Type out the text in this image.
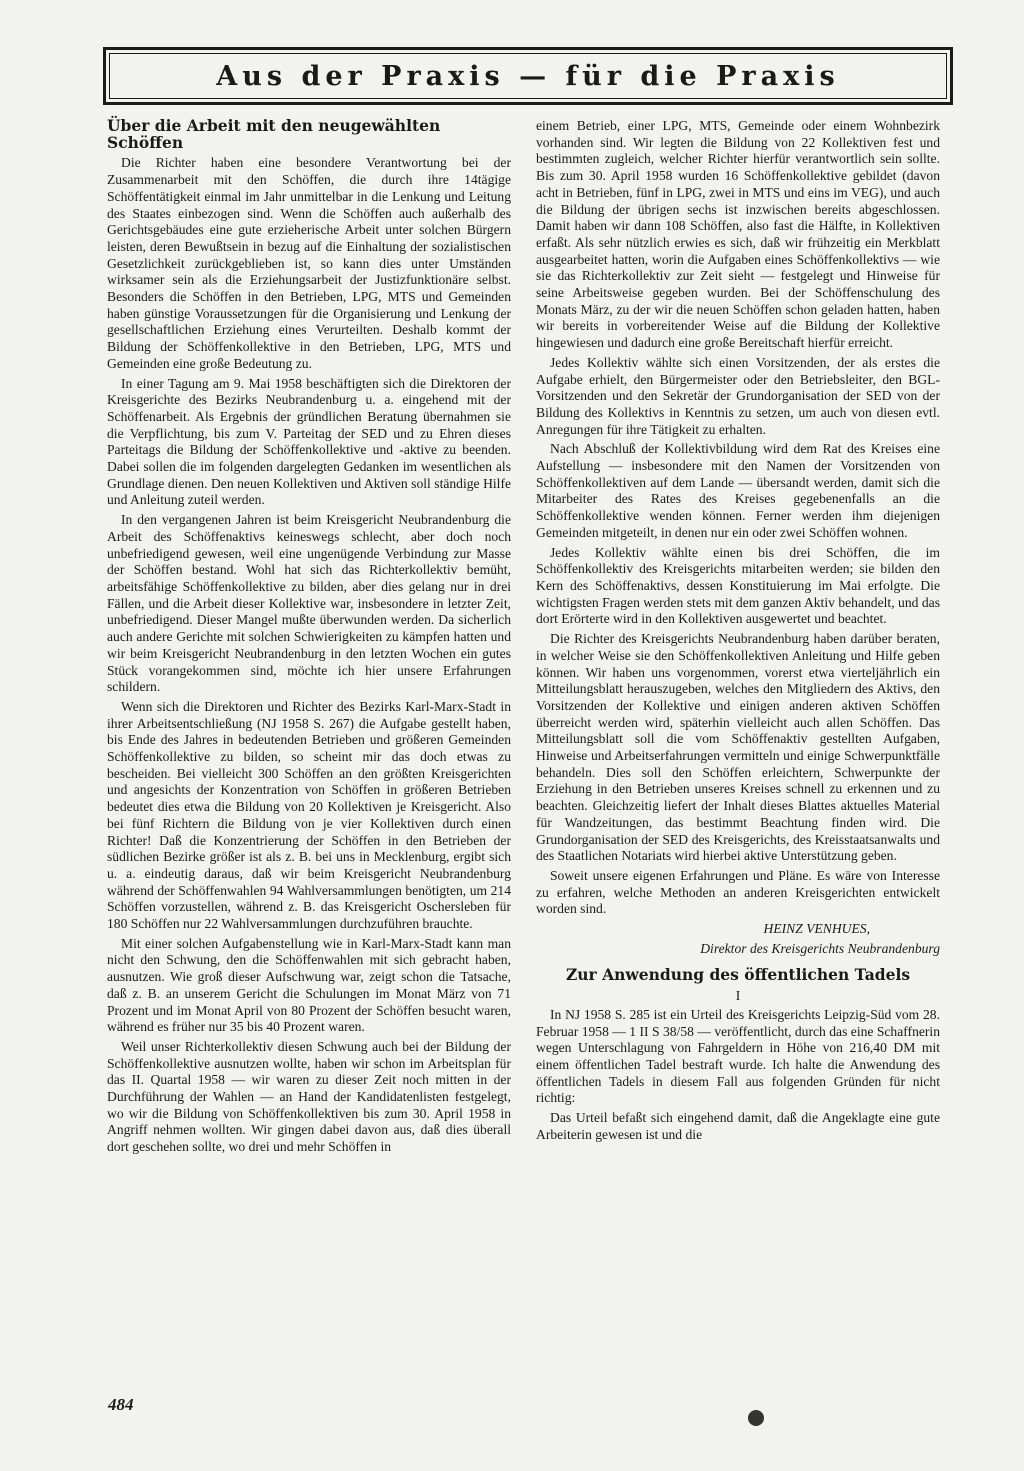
Aus der Praxis — für die Praxis
Über die Arbeit mit den neugewählten Schöffen

Die Richter haben eine besondere Verantwortung bei der Zusammenarbeit mit den Schöffen, die durch ihre 14tägige Schöffentätigkeit einmal im Jahr unmittelbar in die Lenkung und Leitung des Staates einbezogen sind. Wenn die Schöffen auch außerhalb des Gerichtsgebäudes eine gute erzieherische Arbeit unter solchen Bürgern leisten, deren Bewußtsein in bezug auf die Einhaltung der sozialistischen Gesetzlichkeit zurückgeblieben ist, so kann dies unter Umständen wirksamer sein als die Erziehungsarbeit der Justizfunktionäre selbst. Besonders die Schöffen in den Betrieben, LPG, MTS und Gemeinden haben günstige Voraussetzungen für die Organisierung und Lenkung der gesellschaftlichen Erziehung eines Verurteilten. Deshalb kommt der Bildung der Schöffenkollektive in den Betrieben, LPG, MTS und Gemeinden eine große Bedeutung zu.

In einer Tagung am 9. Mai 1958 beschäftigten sich die Direktoren der Kreisgerichte des Bezirks Neubrandenburg u. a. eingehend mit der Schöffenarbeit. Als Ergebnis der gründlichen Beratung übernahmen sie die Verpflichtung, bis zum V. Parteitag der SED und zu Ehren dieses Parteitags die Bildung der Schöffenkollektive und -aktive zu beenden. Dabei sollen die im folgenden dargelegten Gedanken im wesentlichen als Grundlage dienen. Den neuen Kollektiven und Aktiven soll ständige Hilfe und Anleitung zuteil werden.

In den vergangenen Jahren ist beim Kreisgericht Neubrandenburg die Arbeit des Schöffenaktivs keineswegs schlecht, aber doch noch unbefriedigend gewesen, weil eine ungenügende Verbindung zur Masse der Schöffen bestand. Wohl hat sich das Richterkollektiv bemüht, arbeitsfähige Schöffenkollektive zu bilden, aber dies gelang nur in drei Fällen, und die Arbeit dieser Kollektive war, insbesondere in letzter Zeit, unbefriedigend. Dieser Mangel mußte überwunden werden. Da sicherlich auch andere Gerichte mit solchen Schwierigkeiten zu kämpfen hatten und wir beim Kreisgericht Neubrandenburg in den letzten Wochen ein gutes Stück vorangekommen sind, möchte ich hier unsere Erfahrungen schildern.

Wenn sich die Direktoren und Richter des Bezirks Karl-Marx-Stadt in ihrer Arbeitsentschließung (NJ 1958 S. 267) die Aufgabe gestellt haben, bis Ende des Jahres in bedeutenden Betrieben und größeren Gemeinden Schöffenkollektive zu bilden, so scheint mir das doch etwas zu bescheiden. Bei vielleicht 300 Schöffen an den größten Kreisgerichten und angesichts der Konzentration von Schöffen in größeren Betrieben bedeutet dies etwa die Bildung von 20 Kollektiven je Kreisgericht. Also bei fünf Richtern die Bildung von je vier Kollektiven durch einen Richter! Daß die Konzentrierung der Schöffen in den Betrieben der südlichen Bezirke größer ist als z. B. bei uns in Mecklenburg, ergibt sich u. a. eindeutig daraus, daß wir beim Kreisgericht Neubrandenburg während der Schöffenwahlen 94 Wahlversammlungen benötigten, um 214 Schöffen vorzustellen, während z. B. das Kreisgericht Oschersleben für 180 Schöffen nur 22 Wahlversammlungen durchzuführen brauchte.

Mit einer solchen Aufgabenstellung wie in Karl-Marx-Stadt kann man nicht den Schwung, den die Schöffenwahlen mit sich gebracht haben, ausnutzen. Wie groß dieser Aufschwung war, zeigt schon die Tatsache, daß z. B. an unserem Gericht die Schulungen im Monat März von 71 Prozent und im Monat April von 80 Prozent der Schöffen besucht waren, während es früher nur 35 bis 40 Prozent waren.

Weil unser Richterkollektiv diesen Schwung auch bei der Bildung der Schöffenkollektive ausnutzen wollte, haben wir schon im Arbeitsplan für das II. Quartal 1958 — wir waren zu dieser Zeit noch mitten in der Durchführung der Wahlen — an Hand der Kandidatenlisten festgelegt, wo wir die Bildung von Schöffenkollektiven bis zum 30. April 1958 in Angriff nehmen wollten. Wir gingen dabei davon aus, daß dies überall dort geschehen sollte, wo drei und mehr Schöffen in

einem Betrieb, einer LPG, MTS, Gemeinde oder einem Wohnbezirk vorhanden sind. Wir legten die Bildung von 22 Kollektiven fest und bestimmten zugleich, welcher Richter hierfür verantwortlich sein sollte. Bis zum 30. April 1958 wurden 16 Schöffenkollektive gebildet (davon acht in Betrieben, fünf in LPG, zwei in MTS und eins im VEG), und auch die Bildung der übrigen sechs ist inzwischen bereits abgeschlossen. Damit haben wir dann 108 Schöffen, also fast die Hälfte, in Kollektiven erfaßt. Als sehr nützlich erwies es sich, daß wir frühzeitig ein Merkblatt ausgearbeitet hatten, worin die Aufgaben eines Schöffenkollektivs — wie sie das Richterkollektiv zur Zeit sieht — festgelegt und Hinweise für seine Arbeitsweise gegeben wurden. Bei der Schöffenschulung des Monats März, zu der wir die neuen Schöffen schon geladen hatten, haben wir bereits in vorbereitender Weise auf die Bildung der Kollektive hingewiesen und dadurch eine große Bereitschaft hierfür erreicht.

Jedes Kollektiv wählte sich einen Vorsitzenden, der als erstes die Aufgabe erhielt, den Bürgermeister oder den Betriebsleiter, den BGL-Vorsitzenden und den Sekretär der Grundorganisation der SED von der Bildung des Kollektivs in Kenntnis zu setzen, um auch von diesen evtl. Anregungen für ihre Tätigkeit zu erhalten.

Nach Abschluß der Kollektivbildung wird dem Rat des Kreises eine Aufstellung — insbesondere mit den Namen der Vorsitzenden von Schöffenkollektiven auf dem Lande — übersandt werden, damit sich die Mitarbeiter des Rates des Kreises gegebenenfalls an die Schöffenkollektive wenden können. Ferner werden ihm diejenigen Gemeinden mitgeteilt, in denen nur ein oder zwei Schöffen wohnen.

Jedes Kollektiv wählte einen bis drei Schöffen, die im Schöffenkollektiv des Kreisgerichts mitarbeiten werden; sie bilden den Kern des Schöffenaktivs, dessen Konstituierung im Mai erfolgte. Die wichtigsten Fragen werden stets mit dem ganzen Aktiv behandelt, und das dort Erörterte wird in den Kollektiven ausgewertet und beachtet.

Die Richter des Kreisgerichts Neubrandenburg haben darüber beraten, in welcher Weise sie den Schöffenkollektiven Anleitung und Hilfe geben können. Wir haben uns vorgenommen, vorerst etwa vierteljährlich ein Mitteilungsblatt herauszugeben, welches den Mitgliedern des Aktivs, den Vorsitzenden der Kollektive und einigen anderen aktiven Schöffen überreicht werden wird, späterhin vielleicht auch allen Schöffen. Das Mitteilungsblatt soll die vom Schöffenaktiv gestellten Aufgaben, Hinweise und Arbeitserfahrungen vermitteln und einige Schwerpunktfälle behandeln. Dies soll den Schöffen erleichtern, Schwerpunkte der Erziehung in den Betrieben unseres Kreises schnell zu erkennen und zu beachten. Gleichzeitig liefert der Inhalt dieses Blattes aktuelles Material für Wandzeitungen, das bestimmt Beachtung finden wird. Die Grundorganisation der SED des Kreisgerichts, des Kreisstaatsanwalts und des Staatlichen Notariats wird hierbei aktive Unterstützung geben.

Soweit unsere eigenen Erfahrungen und Pläne. Es wäre von Interesse zu erfahren, welche Methoden an anderen Kreisgerichten entwickelt worden sind.

HEINZ VENHUES,

Direktor des Kreisgerichts Neubrandenburg

Zur Anwendung des öffentlichen Tadels
I

In NJ 1958 S. 285 ist ein Urteil des Kreisgerichts Leipzig-Süd vom 28. Februar 1958 — 1 II S 38/58 — veröffentlicht, durch das eine Schaffnerin wegen Unterschlagung von Fahrgeldern in Höhe von 216,40 DM mit einem öffentlichen Tadel bestraft wurde. Ich halte die Anwendung des öffentlichen Tadels in diesem Fall aus folgenden Gründen für nicht richtig:

Das Urteil befaßt sich eingehend damit, daß die Angeklagte eine gute Arbeiterin gewesen ist und die

484
